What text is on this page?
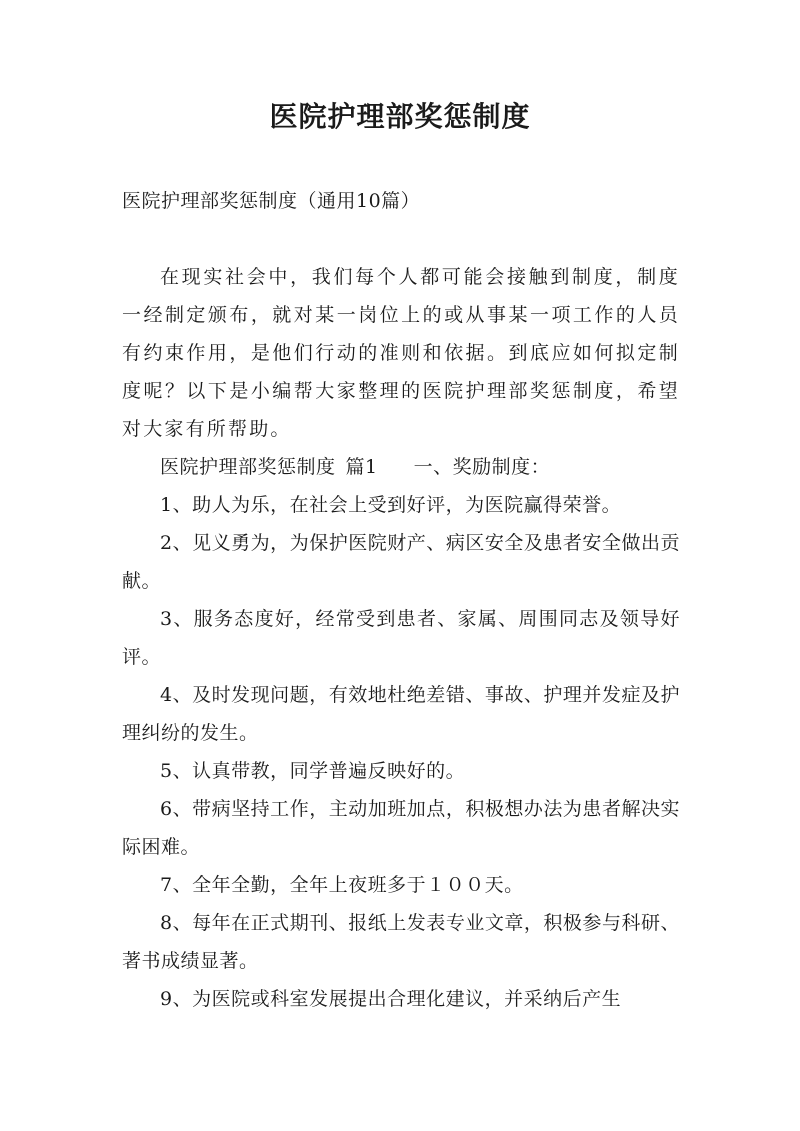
医院护理部奖惩制度

医院护理部奖惩制度（通用10篇）

在现实社会中，我们每个人都可能会接触到制度，制度一经制定颁布，就对某一岗位上的或从事某一项工作的人员有约束作用，是他们行动的准则和依据。到底应如何拟定制度呢？以下是小编帮大家整理的医院护理部奖惩制度，希望对大家有所帮助。

医院护理部奖惩制度 篇1 一、奖励制度：

1、助人为乐，在社会上受到好评，为医院赢得荣誉。

2、见义勇为，为保护医院财产、病区安全及患者安全做出贡献。

3、服务态度好，经常受到患者、家属、周围同志及领导好评。

4、及时发现问题，有效地杜绝差错、事故、护理并发症及护理纠纷的发生。

5、认真带教，同学普遍反映好的。

6、带病坚持工作，主动加班加点，积极想办法为患者解决实际困难。

7、全年全勤，全年上夜班多于１００天。

8、每年在正式期刊、报纸上发表专业文章，积极参与科研、著书成绩显著。

9、为医院或科室发展提出合理化建议，并采纳后产生
